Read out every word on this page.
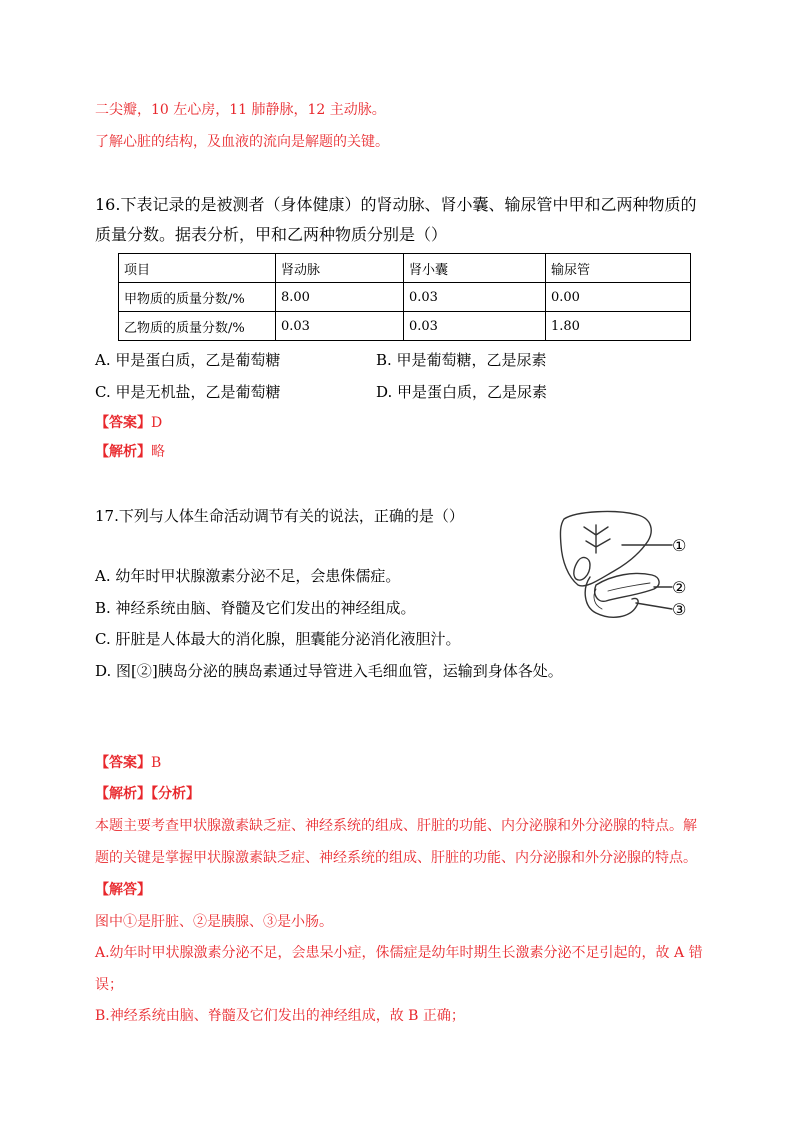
二尖瓣，10 左心房，11 肺静脉，12 主动脉。
了解心脏的结构，及血液的流向是解题的关键。
16.下表记录的是被测者（身体健康）的肾动脉、肾小囊、输尿管中甲和乙两种物质的
质量分数。据表分析，甲和乙两种物质分别是（）
项目	肾动脉	肾小囊	输尿管
甲物质的质量分数/%	8.00	0.03	0.00
乙物质的质量分数/%	0.03	0.03	1.80
A. 甲是蛋白质，乙是葡萄糖	B. 甲是葡萄糖，乙是尿素
C. 甲是无机盐，乙是葡萄糖	D. 甲是蛋白质，乙是尿素
【答案】D
【解析】略
17.下列与人体生命活动调节有关的说法，正确的是（）
A. 幼年时甲状腺激素分泌不足，会患侏儒症。
B. 神经系统由脑、脊髓及它们发出的神经组成。
C. 肝脏是人体最大的消化腺，胆囊能分泌消化液胆汁。
D. 图[②]胰岛分泌的胰岛素通过导管进入毛细血管，运输到身体各处。
①
②
③
【答案】B
【解析】【分析】
本题主要考查甲状腺激素缺乏症、神经系统的组成、肝脏的功能、内分泌腺和外分泌腺的特点。解
题的关键是掌握甲状腺激素缺乏症、神经系统的组成、肝脏的功能、内分泌腺和外分泌腺的特点。
【解答】
图中①是肝脏、②是胰腺、③是小肠。
A.幼年时甲状腺激素分泌不足，会患呆小症，侏儒症是幼年时期生长激素分泌不足引起的，故 A 错
误；
B.神经系统由脑、脊髓及它们发出的神经组成，故 B 正确；
